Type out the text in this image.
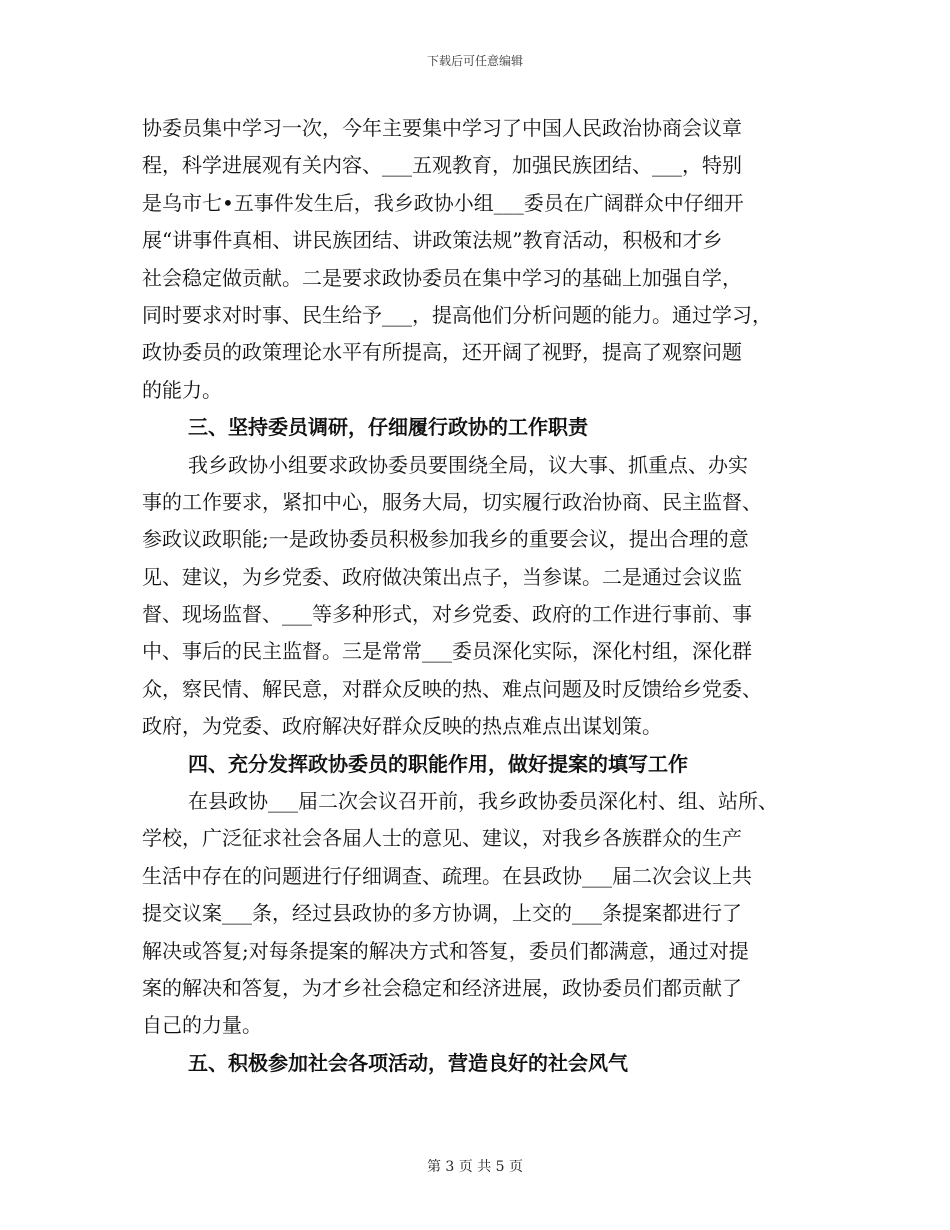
下载后可任意编辑
协委员集中学习一次，今年主要集中学习了中国人民政治协商会议章
程，科学进展观有关内容、___五观教育，加强民族团结、___，特别
是乌市七•五事件发生后，我乡政协小组___委员在广阔群众中仔细开
展“讲事件真相、讲民族团结、讲政策法规”教育活动，积极和才乡
社会稳定做贡献。二是要求政协委员在集中学习的基础上加强自学，
同时要求对时事、民生给予___，提高他们分析问题的能力。通过学习，
政协委员的政策理论水平有所提高，还开阔了视野，提高了观察问题
的能力。
三、坚持委员调研，仔细履行政协的工作职责
我乡政协小组要求政协委员要围绕全局，议大事、抓重点、办实
事的工作要求，紧扣中心，服务大局，切实履行政治协商、民主监督、
参政议政职能;一是政协委员积极参加我乡的重要会议，提出合理的意
见、建议，为乡党委、政府做决策出点子，当参谋。二是通过会议监
督、现场监督、___等多种形式，对乡党委、政府的工作进行事前、事
中、事后的民主监督。三是常常___委员深化实际，深化村组，深化群
众，察民情、解民意，对群众反映的热、难点问题及时反馈给乡党委、
政府，为党委、政府解决好群众反映的热点难点出谋划策。
四、充分发挥政协委员的职能作用，做好提案的填写工作
在县政协___届二次会议召开前，我乡政协委员深化村、组、站所、
学校，广泛征求社会各届人士的意见、建议，对我乡各族群众的生产
生活中存在的问题进行仔细调查、疏理。在县政协___届二次会议上共
提交议案___条，经过县政协的多方协调，上交的___条提案都进行了
解决或答复;对每条提案的解决方式和答复，委员们都满意，通过对提
案的解决和答复，为才乡社会稳定和经济进展，政协委员们都贡献了
自己的力量。
五、积极参加社会各项活动，营造良好的社会风气
第 3 页 共 5 页
